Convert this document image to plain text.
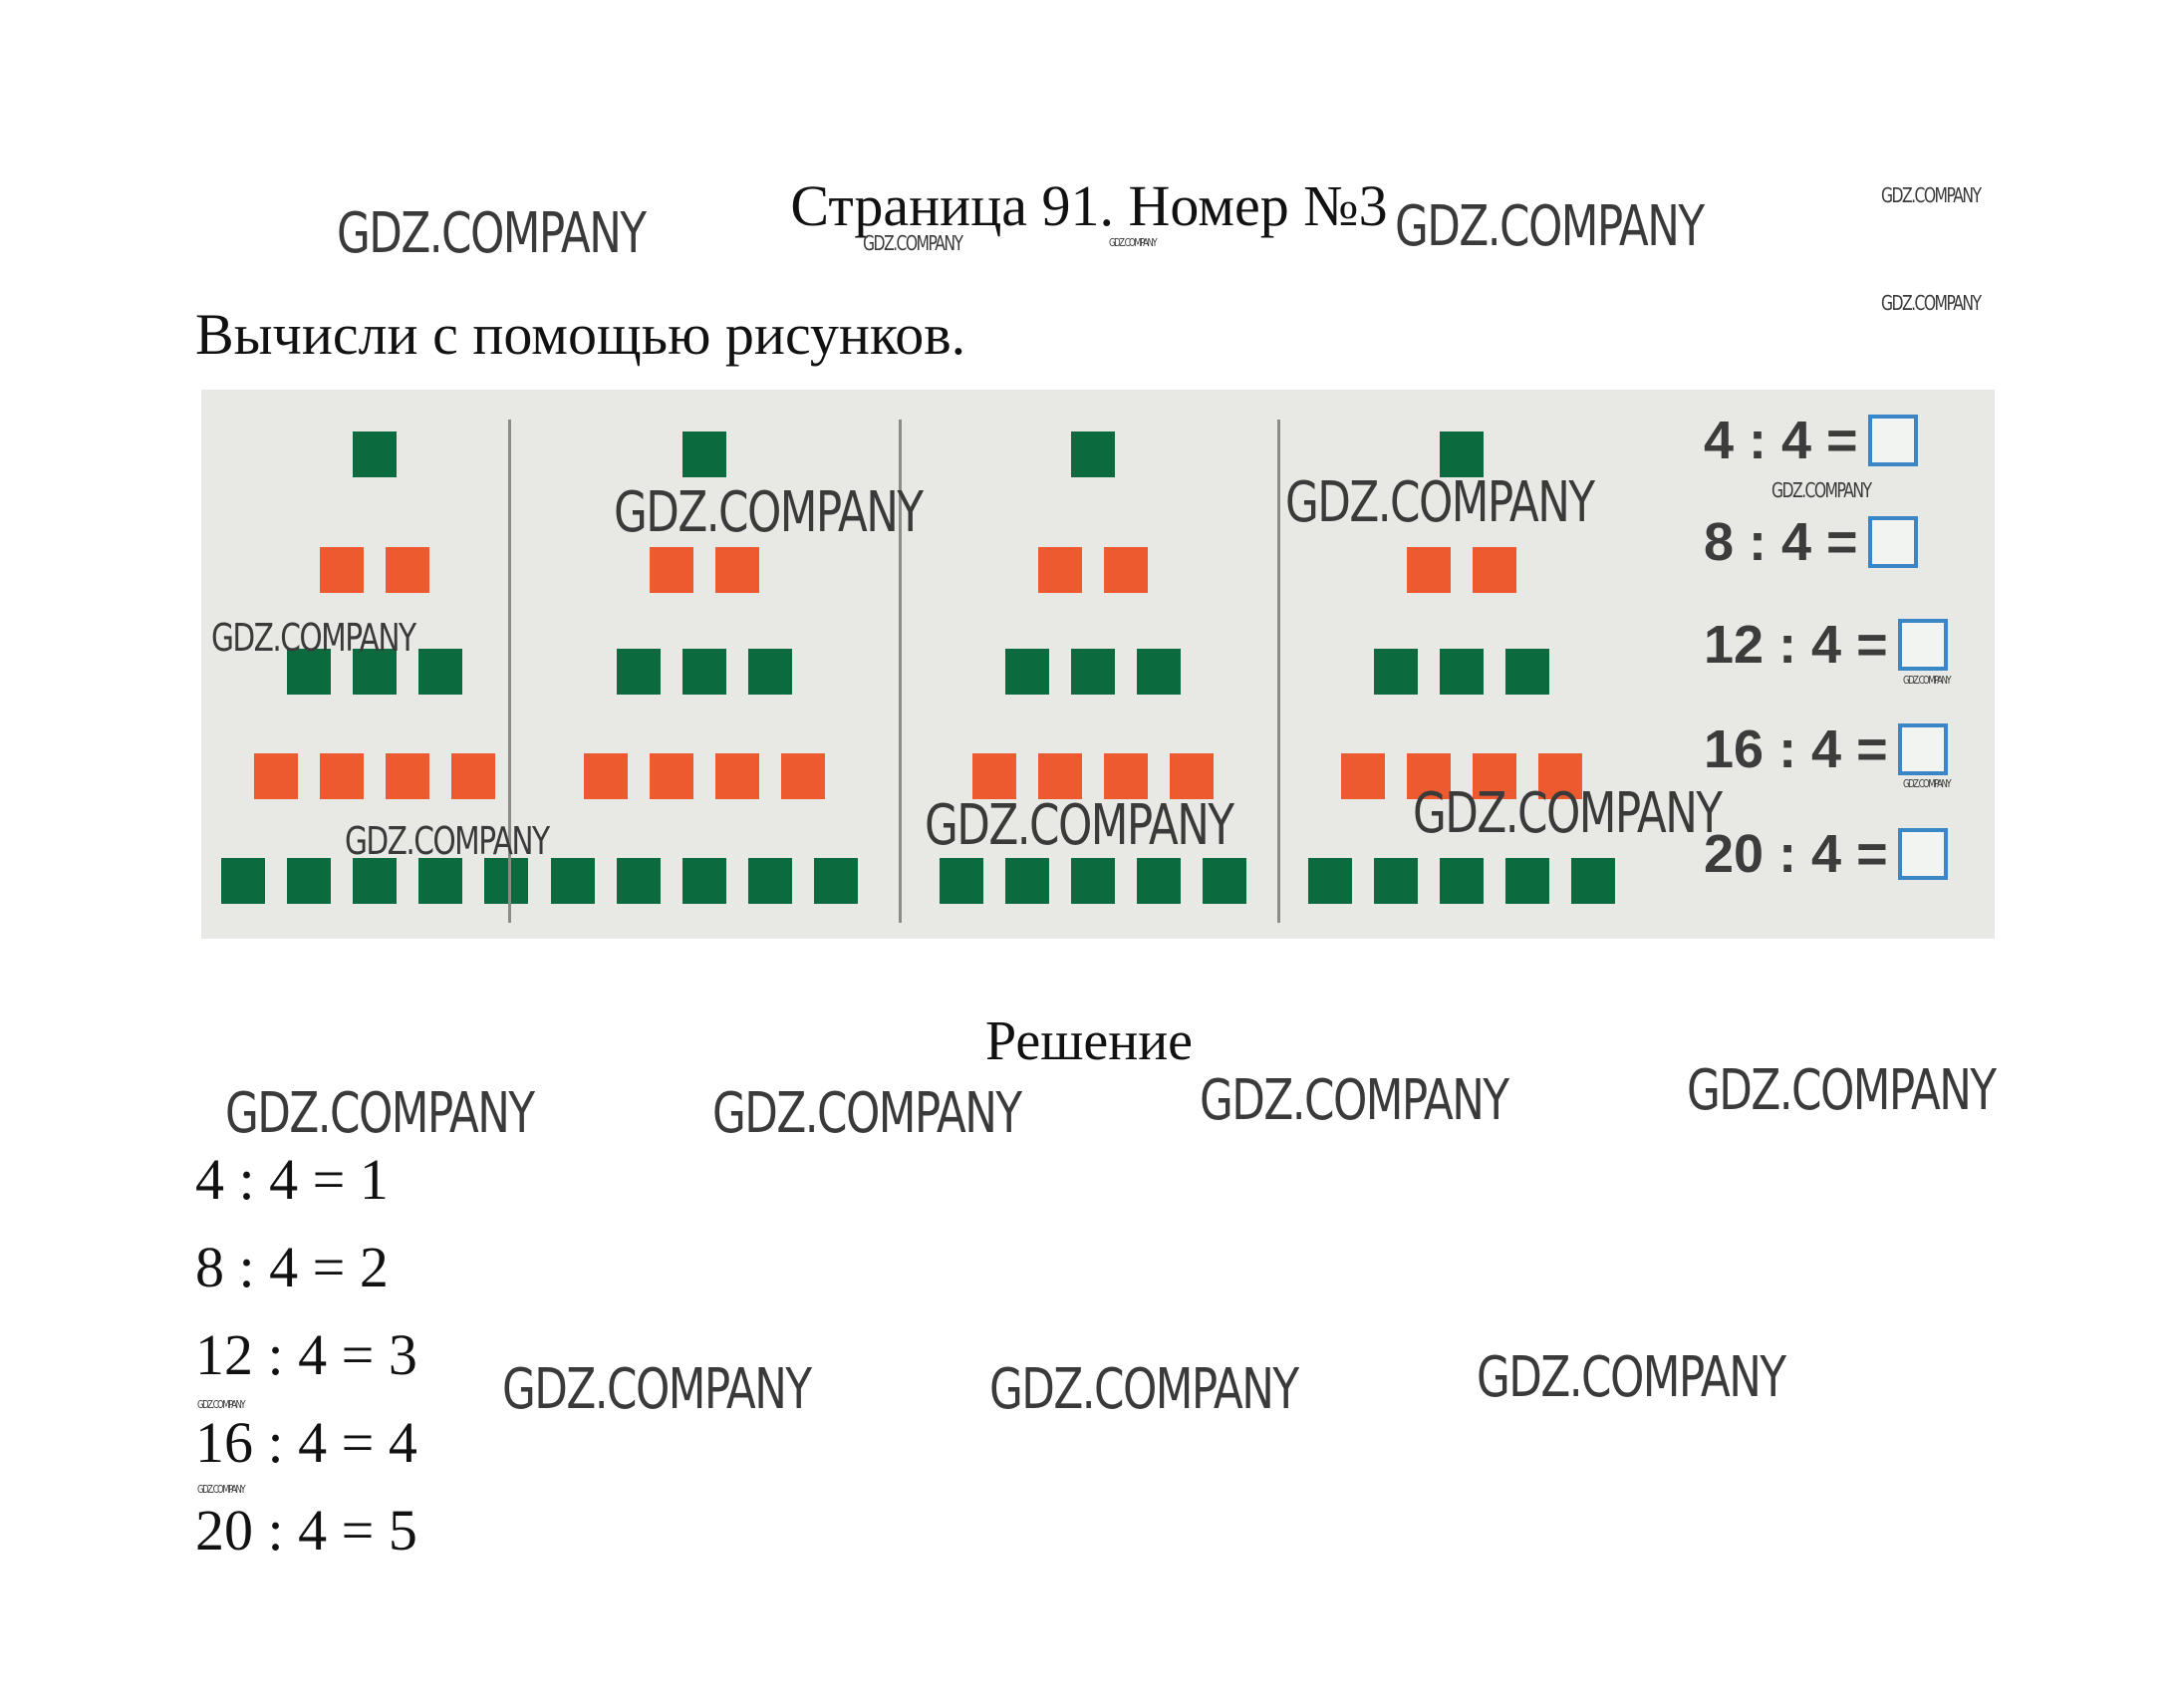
Страница 91. Номер №3
Вычисли с помощью рисунков.
4 : 4 =
8 : 4 =
12 : 4 =
16 : 4 =
20 : 4 =
Решение
4 : 4 = 1
8 : 4 = 2
12 : 4 = 3
16 : 4 = 4
20 : 4 = 5
GDZ.COMPANY	GDZ.COMPANY
GDZ.COMPANY	GDZ.COMPANY
GDZ.COMPANY
GDZ.COMPANY
GDZ.COMPANY	GDZ.COMPANY	GDZ.COMPANY
GDZ.COMPANY
GDZ.COMPANY
GDZ.COMPANY
GDZ.COMPANY	GDZ.COMPANY	GDZ.COMPANY
GDZ.COMPANY	GDZ.COMPANY	GDZ.COMPANY	GDZ.COMPANY
GDZ.COMPANY	GDZ.COMPANY	GDZ.COMPANY
GDZ.COMPANY
GDZ.COMPANY
